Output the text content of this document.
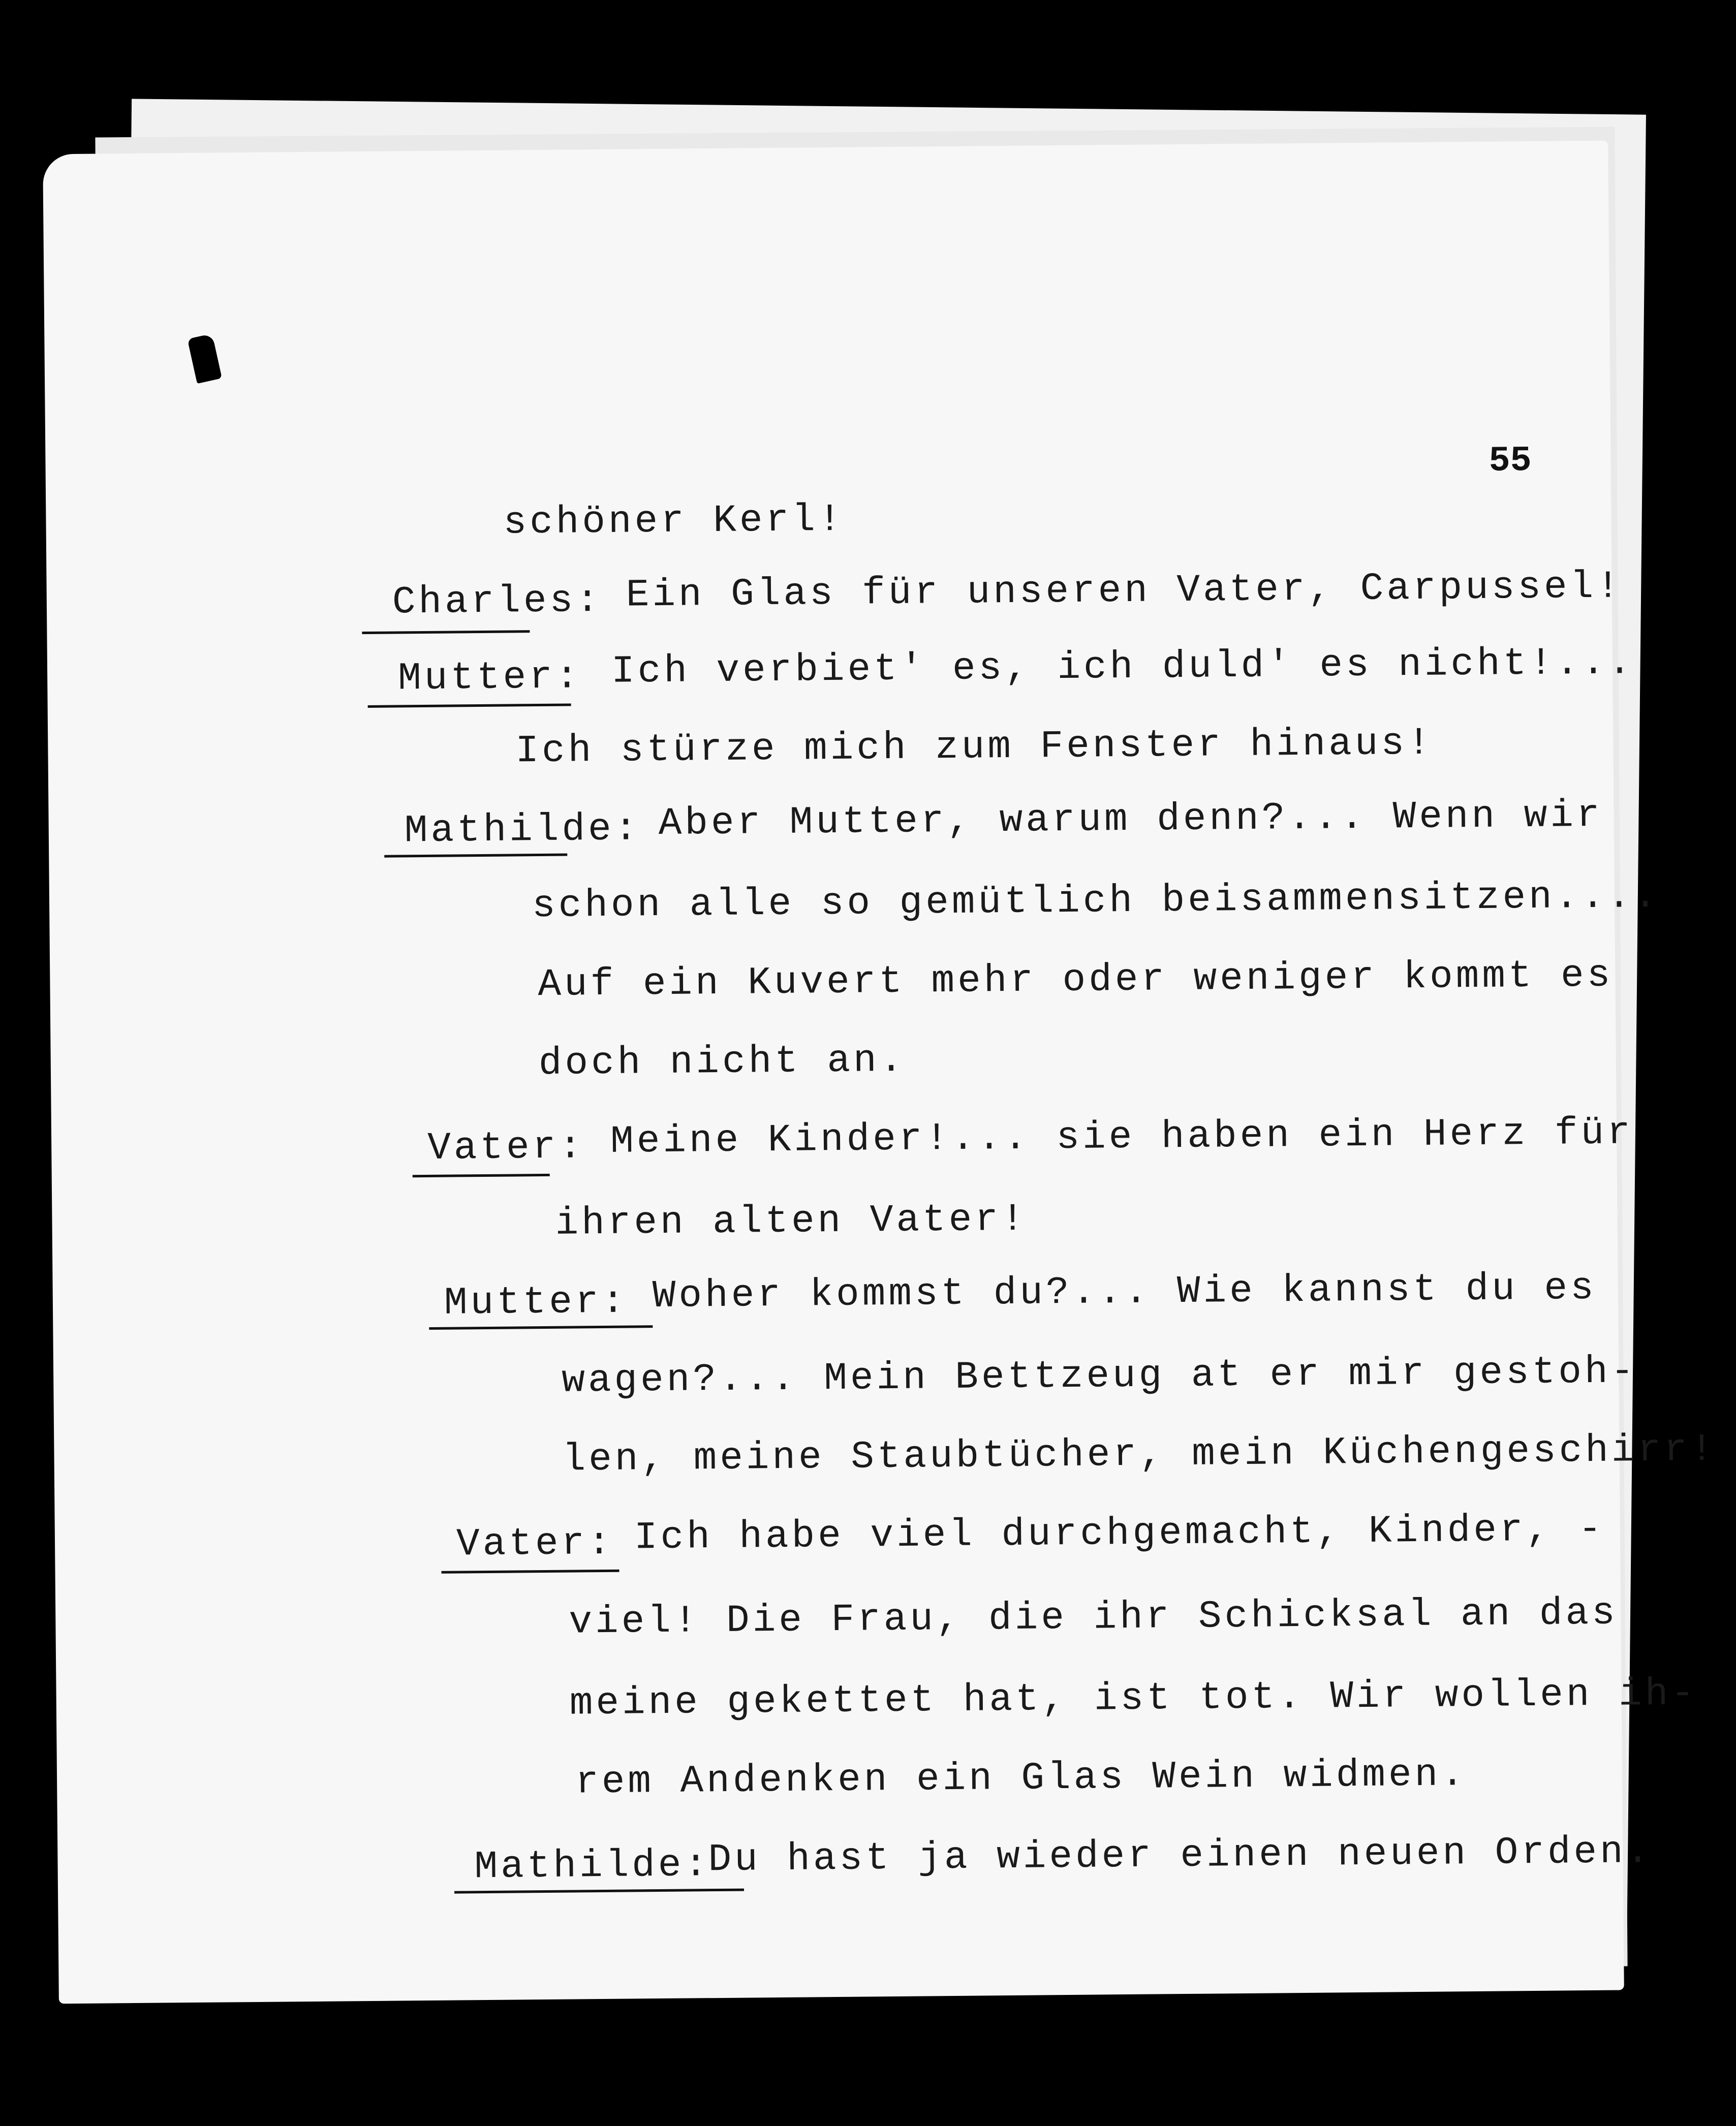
55
schöner Kerl!
Charles: Ein Glas für unseren Vater, Carpussel!
Mutter: Ich verbiet' es, ich duld' es nicht!...
Ich stürze mich zum Fenster hinaus!
Mathilde: Aber Mutter, warum denn?... Wenn wir
schon alle so gemütlich beisammensitzen....
Auf ein Kuvert mehr oder weniger kommt es
doch nicht an.
Vater: Meine Kinder!... sie haben ein Herz für
ihren alten Vater!
Mutter: Woher kommst du?... Wie kannst du es
wagen?... Mein Bettzeug at er mir gestoh-
len, meine Staubtücher, mein Küchengeschirr!
Vater: Ich habe viel durchgemacht, Kinder, -
viel! Die Frau, die ihr Schicksal an das
meine gekettet hat, ist tot. Wir wollen ih-
rem Andenken ein Glas Wein widmen.
Mathilde:
Du hast ja wieder einen neuen Orden.
